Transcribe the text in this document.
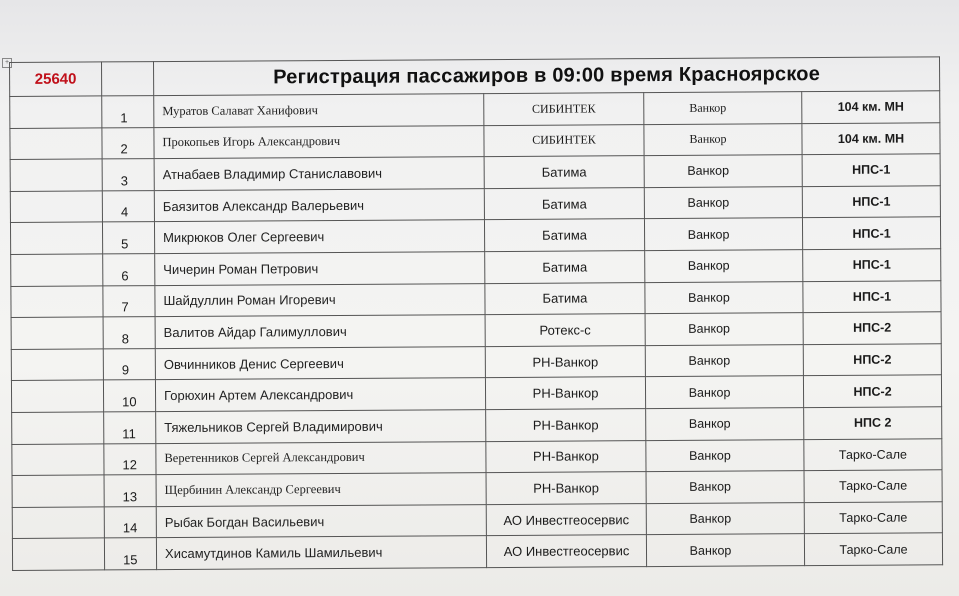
+
25640		Регистрация пассажиров в 09:00 время Красноярское			
	1	Муратов Салават Ханифович	СИБИНТЕК	Ванкор	104 км. МН
	2	Прокопьев Игорь Александрович	СИБИНТЕК	Ванкор	104 км. МН
	3	Атнабаев Владимир Станиславович	Батима	Ванкор	НПС-1
	4	Баязитов Александр Валерьевич	Батима	Ванкор	НПС-1
	5	Микрюков Олег Сергеевич	Батима	Ванкор	НПС-1
	6	Чичерин Роман Петрович	Батима	Ванкор	НПС-1
	7	Шайдуллин Роман Игоревич	Батима	Ванкор	НПС-1
	8	Валитов Айдар Галимуллович	Ротекс-с	Ванкор	НПС-2
	9	Овчинников Денис Сергеевич	РН-Ванкор	Ванкор	НПС-2
	10	Горюхин Артем Александрович	РН-Ванкор	Ванкор	НПС-2
	11	Тяжельников Сергей Владимирович	РН-Ванкор	Ванкор	НПС 2
	12	Веретенников Сергей Александрович	РН-Ванкор	Ванкор	Тарко-Сале
	13	Щербинин Александр Сергеевич	РН-Ванкор	Ванкор	Тарко-Сале
	14	Рыбак Богдан Васильевич	АО Инвестгеосервис	Ванкор	Тарко-Сале
	15	Хисамутдинов Камиль Шамильевич	АО Инвестгеосервис	Ванкор	Тарко-Сале
